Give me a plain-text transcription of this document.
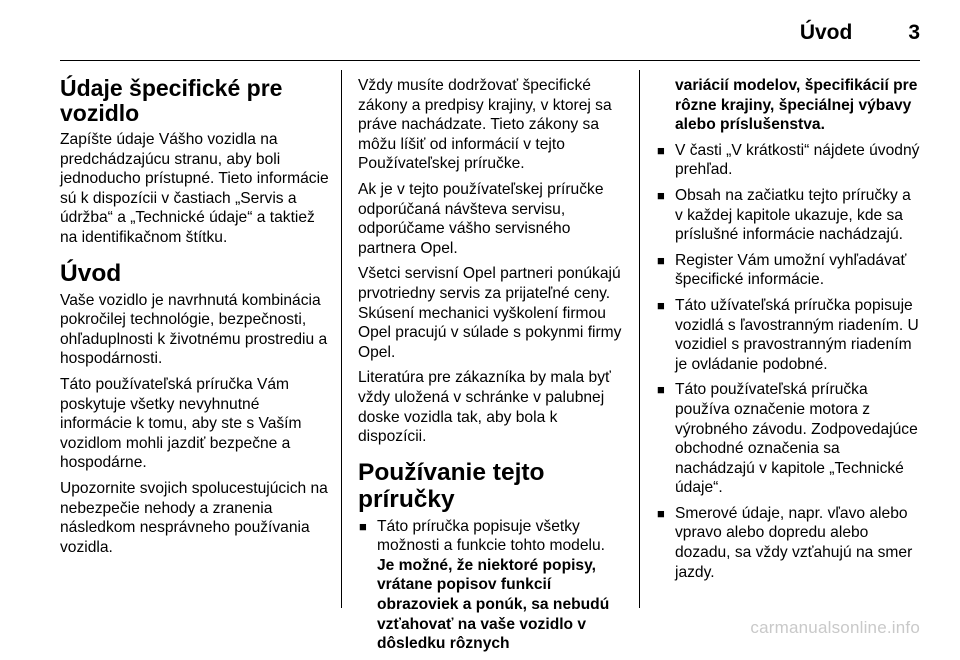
Úvod	3
Údaje špecifické pre vozidlo

Zapíšte údaje Vášho vozidla na predchádzajúcu stranu, aby boli jednoducho prístupné. Tieto informácie sú k dispozícii v častiach „Servis a údržba“ a „Technické údaje“ a taktiež na identifikačnom štítku.

Úvod

Vaše vozidlo je navrhnutá kombinácia pokročilej technológie, bezpečnosti, ohľaduplnosti k životnému prostrediu a hospodárnosti.

Táto používateľská príručka Vám poskytuje všetky nevyhnutné informácie k tomu, aby ste s Vaším vozidlom mohli jazdiť bezpečne a hospodárne.

Upozornite svojich spolucestujúcich na nebezpečie nehody a zranenia následkom nesprávneho používania vozidla.

Vždy musíte dodržovať špecifické zákony a predpisy krajiny, v ktorej sa práve nachádzate. Tieto zákony sa môžu líšiť od informácií v tejto Používateľskej príručke.

Ak je v tejto používateľskej príručke odporúčaná návšteva servisu, odporúčame vášho servisného partnera Opel.

Všetci servisní Opel partneri ponúkajú prvotriedny servis za prijateľné ceny. Skúsení mechanici vyškolení firmou Opel pracujú v súlade s pokynmi firmy Opel.

Literatúra pre zákazníka by mala byť vždy uložená v schránke v palubnej doske vozidla tak, aby bola k dispozícii.

Používanie tejto príručky
■ Táto príručka popisuje všetky možnosti a funkcie tohto modelu. Je možné, že niektoré popisy, vrátane popisov funkcií obrazoviek a ponúk, sa nebudú vzťahovať na vaše vozidlo v dôsledku rôznych

variácií modelov, špecifikácií pre rôzne krajiny, špeciálnej výbavy alebo príslušenstva.

■ V časti „V krátkosti“ nájdete úvodný prehľad.
■ Obsah na začiatku tejto príručky a v každej kapitole ukazuje, kde sa príslušné informácie nachádzajú.
■ Register Vám umožní vyhľadávať špecifické informácie.
■ Táto užívateľská príručka popisuje vozidlá s ľavostranným riadením. U vozidiel s pravostranným riadením je ovládanie podobné.
■ Táto používateľská príručka používa označenie motora z výrobného závodu. Zodpovedajúce obchodné označenia sa nachádzajú v kapitole „Technické údaje“.
■ Smerové údaje, napr. vľavo alebo vpravo alebo dopredu alebo dozadu, sa vždy vzťahujú na smer jazdy.
carmanualsonline.info
